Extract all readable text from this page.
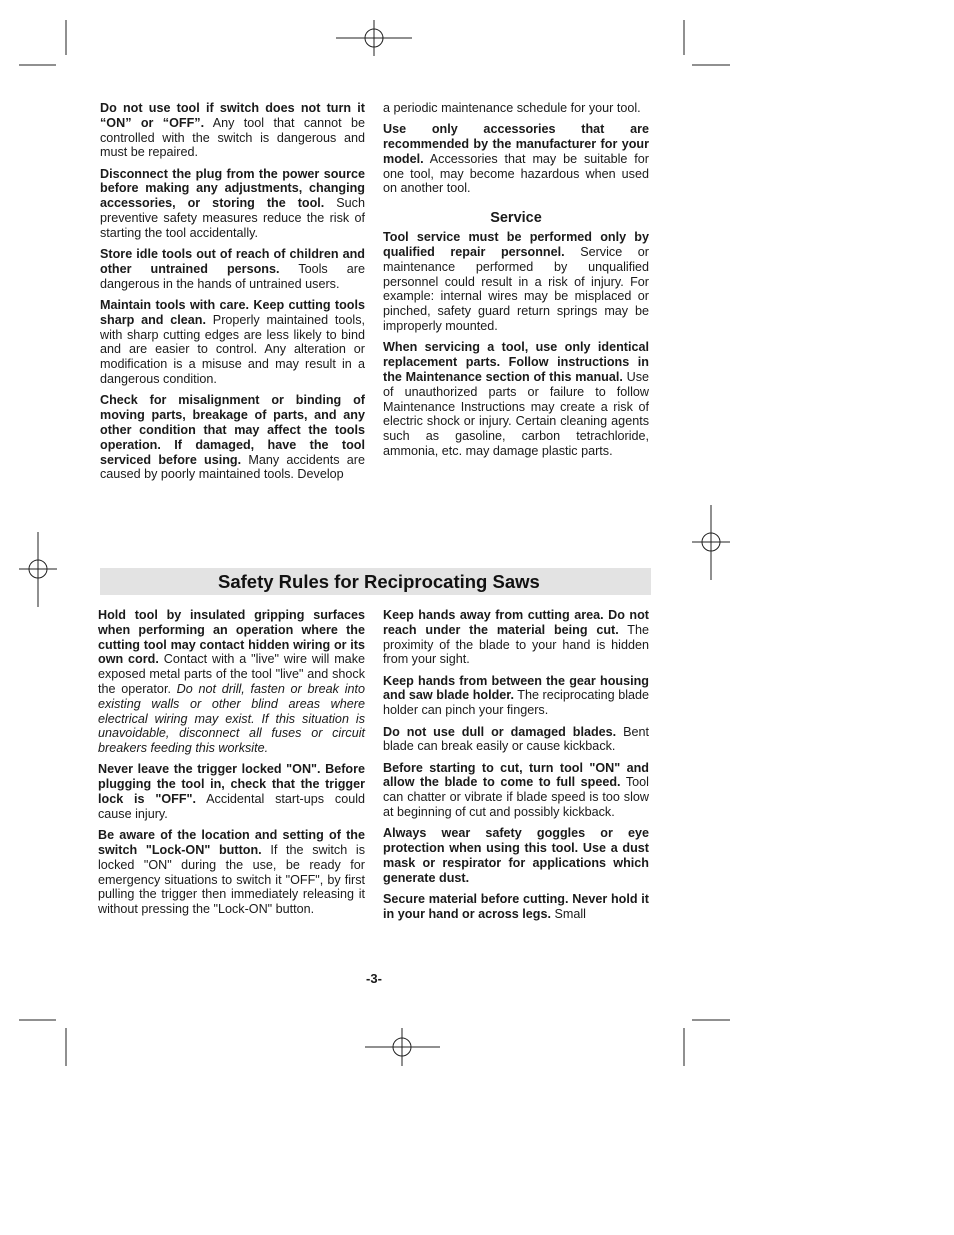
Do not use tool if switch does not turn it “ON” or “OFF”. Any tool that cannot be controlled with the switch is dangerous and must be repaired.

Disconnect the plug from the power source before making any adjustments, changing accessories, or storing the tool. Such preventive safety measures reduce the risk of starting the tool accidentally.

Store idle tools out of reach of children and other untrained persons. Tools are dangerous in the hands of untrained users.

Maintain tools with care. Keep cutting tools sharp and clean. Properly maintained tools, with sharp cutting edges are less likely to bind and are easier to control. Any alteration or modification is a misuse and may result in a dangerous condition.

Check for misalignment or binding of moving parts, breakage of parts, and any other condition that may affect the tools operation. If damaged, have the tool serviced before using. Many accidents are caused by poorly maintained tools. Develop

a periodic maintenance schedule for your tool.

Use only accessories that are recommended by the manufacturer for your model. Accessories that may be suitable for one tool, may become hazardous when used on another tool.

Service

Tool service must be performed only by qualified repair personnel. Service or maintenance performed by unqualified personnel could result in a risk of injury. For example: internal wires may be misplaced or pinched, safety guard return springs may be improperly mounted.

When servicing a tool, use only identical replacement parts. Follow instructions in the Maintenance section of this manual. Use of unauthorized parts or failure to follow Maintenance Instructions may create a risk of electric shock or injury. Certain cleaning agents such as gasoline, carbon tetrachloride, ammonia, etc. may damage plastic parts.

Safety Rules for Reciprocating Saws

Hold tool by insulated gripping surfaces when performing an operation where the cutting tool may contact hidden wiring or its own cord. Contact with a "live" wire will make exposed metal parts of the tool "live" and shock the operator. Do not drill, fasten or break into existing walls or other blind areas where electrical wiring may exist. If this situation is unavoidable, disconnect all fuses or circuit breakers feeding this worksite.

Never leave the trigger locked "ON". Before plugging the tool in, check that the trigger lock is "OFF". Accidental start-ups could cause injury.

Be aware of the location and setting of the switch "Lock-ON" button. If the switch is locked "ON" during the use, be ready for emergency situations to switch it "OFF", by first pulling the trigger then immediately releasing it without pressing the "Lock-ON" button.

Keep hands away from cutting area. Do not reach under the material being cut. The proximity of the blade to your hand is hidden from your sight.

Keep hands from between the gear housing and saw blade holder. The reciprocating blade holder can pinch your fingers.

Do not use dull or damaged blades. Bent blade can break easily or cause kickback.

Before starting to cut, turn tool "ON" and allow the blade to come to full speed. Tool can chatter or vibrate if blade speed is too slow at beginning of cut and possibly kickback.

Always wear safety goggles or eye protection when using this tool. Use a dust mask or respirator for applications which generate dust.

Secure material before cutting. Never hold it in your hand or across legs. Small

-3-
